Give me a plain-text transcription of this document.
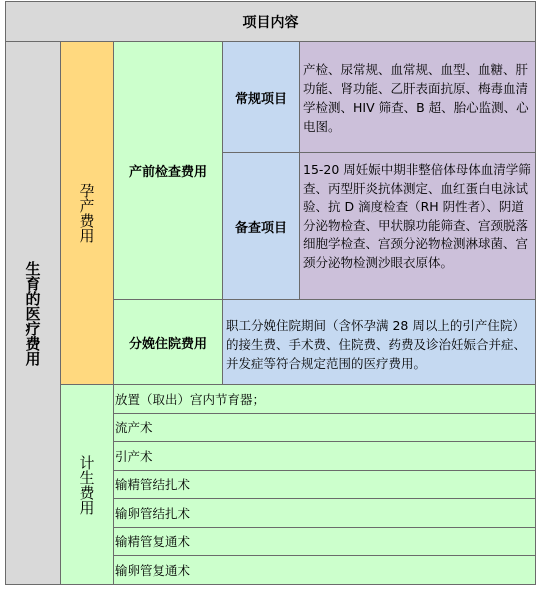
项目内容
生育的医疗费用
孕产费用
产前检查费用
常规项目
产检、尿常规、血常规、血型、血糖、肝功能、肾功能、乙肝表面抗原、梅毒血清学检测、HIV 筛查、B 超、胎心监测、心电图。
备查项目
15-20 周妊娠中期非整倍体母体血清学筛查、丙型肝炎抗体测定、血红蛋白电泳试验、抗 D 滴度检查（RH 阴性者）、阴道分泌物检查、甲状腺功能筛查、宫颈脱落细胞学检查、宫颈分泌物检测淋球菌、宫颈分泌物检测沙眼衣原体。
分娩住院费用
职工分娩住院期间（含怀孕满 28 周以上的引产住院）的接生费、手术费、住院费、药费及诊治妊娠合并症、并发症等符合规定范围的医疗费用。
计生费用
放置（取出）宫内节育器；
流产术
引产术
输精管结扎术
输卵管结扎术
输精管复通术
输卵管复通术
